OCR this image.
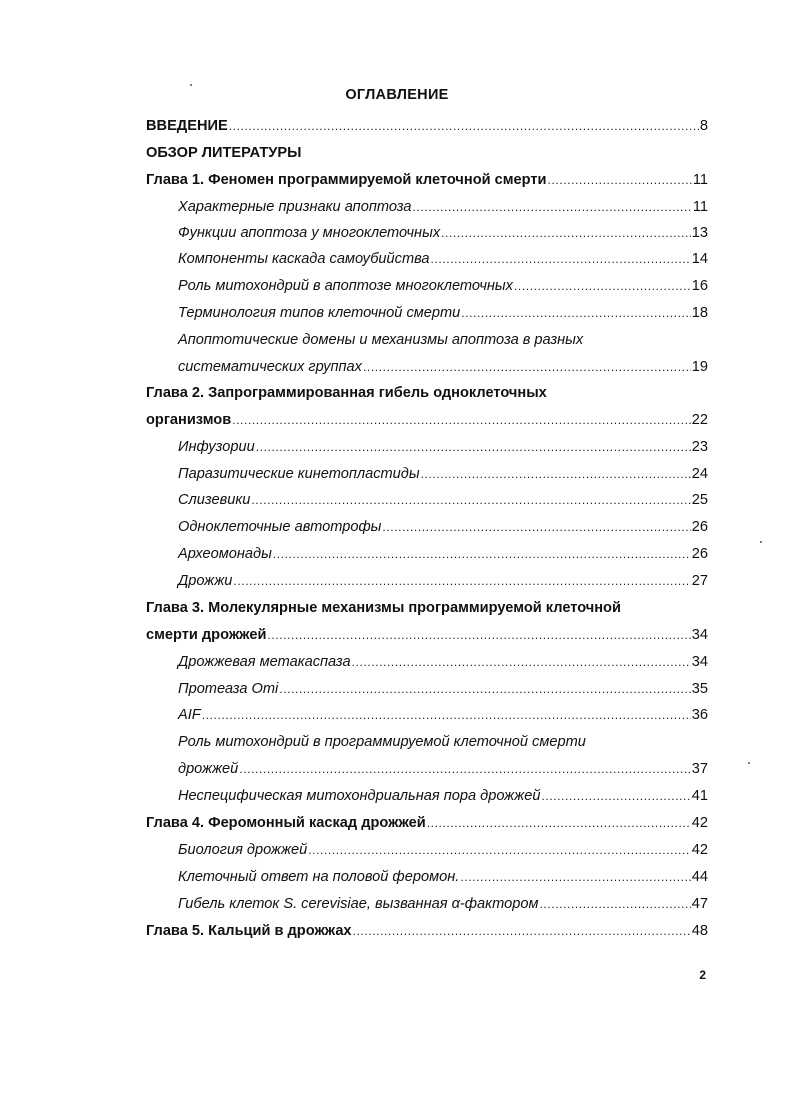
ОГЛАВЛЕНИЕ
ВВЕДЕНИЕ .....	8
ОБЗОР ЛИТЕРАТУРЫ
Глава 1. Феномен программируемой клеточной смерти .....	11
Характерные признаки апоптоза .....	11
Функции апоптоза у многоклеточных .....	13
Компоненты каскада самоубийства .....	14
Роль митохондрий в апоптозе многоклеточных .....	16
Терминология типов клеточной смерти .....	18
Апоптотические домены и механизмы апоптоза в разных
систематических группах .....	19
Глава 2. Запрограммированная гибель одноклеточных
организмов .....	22
Инфузории .....	23
Паразитические кинетопластиды .....	24
Слизевики .....	25
Одноклеточные автотрофы .....	26
Археомонады .....	26
Дрожжи .....	27
Глава 3. Молекулярные механизмы программируемой клеточной
смерти дрожжей .....	34
Дрожжевая метакаспаза .....	34
Протеаза Omi .....	35
AIF .....	36
Роль митохондрий в программируемой клеточной смерти
дрожжей .....	37
Неспецифическая митохондриальная пора дрожжей .....	41
Глава 4. Феромонный каскад дрожжей .....	42
Биология дрожжей .....	42
Клеточный ответ на половой феромон. .....	44
Гибель клеток S. cerevisiae, вызванная α-фактором .....	47
Глава 5. Кальций в дрожжах .....	48
2
